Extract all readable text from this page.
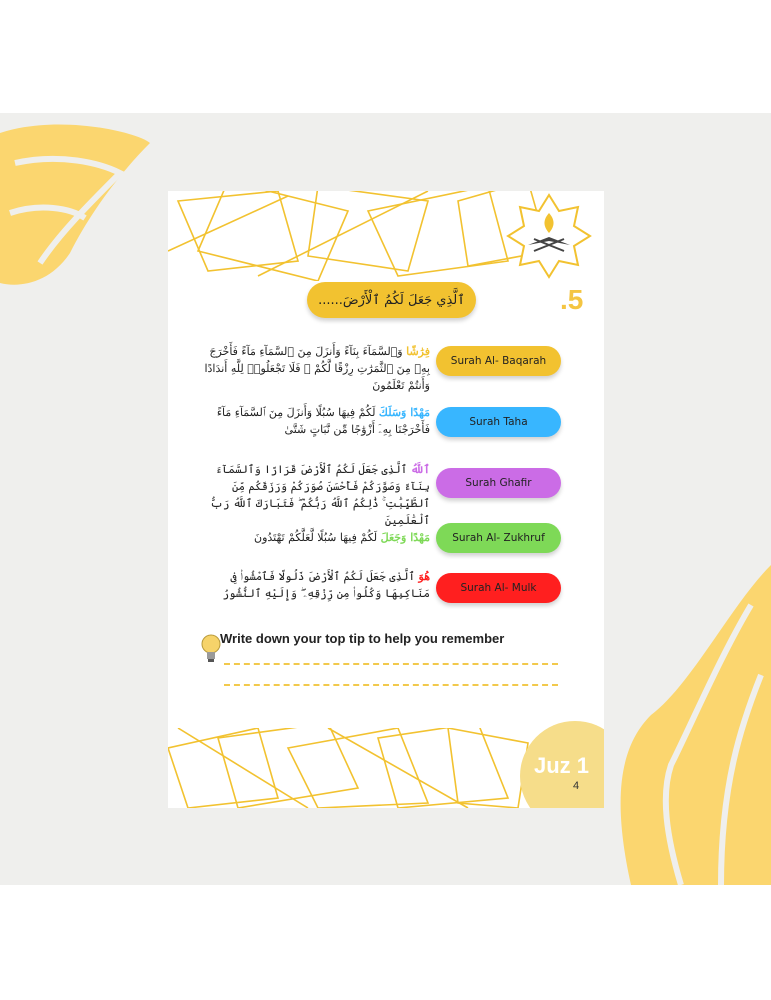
.5
ٱلَّذِي جَعَلَ لَكُمُ ٱلْأَرْضَ......
فِرَٰشًا وَٱلسَّمَآءَ بِنَآءً وَأَنزَلَ مِنَ ٱلسَّمَآءِ مَآءً فَأَخْرَجَ بِهِۦ مِنَ ٱلثَّمَرَٰتِ رِزْقًا لَّكُمْ ۖ فَلَا تَجْعَلُوا۟ لِلَّهِ أَندَادًا وَأَنتُمْ تَعْلَمُونَ
Surah Al- Baqarah
مَهْدًا وَسَلَكَ لَكُمْ فِيهَا سُبُلًا وَأَنزَلَ مِنَ ٱلسَّمَآءِ مَآءً فَأَخْرَجْنَا بِهِۦٓ أَزْوَٰجًا مِّن نَّبَاتٍ شَتَّىٰ
Surah Taha
ٱللَّهُ ٱلَّذِى جَعَلَ لَكُمُ ٱلْأَرْضَ قَرَارًا وَٱلسَّمَآءَ بِنَآءً وَصَوَّرَكُمْ فَأَحْسَنَ صُوَرَكُمْ وَرَزَقَكُم مِّنَ ٱلطَّيِّبَٰتِ ۚ ذَٰلِكُمُ ٱللَّهُ رَبُّكُمْ ۖ فَتَبَارَكَ ٱللَّهُ رَبُّ ٱلْعَٰلَمِينَ
Surah Ghafir
مَهْدًا وَجَعَلَ لَكُمْ فِيهَا سُبُلًا لَّعَلَّكُمْ تَهْتَدُونَ	Surah Al- Zukhruf
هُوَ ٱلَّذِى جَعَلَ لَكُمُ ٱلْأَرْضَ ذَلُولًا فَٱمْشُوا۟ فِى مَنَاكِبِهَا وَكُلُوا۟ مِن رِّزْقِهِۦ ۖ وَإِلَيْهِ ٱلنُّشُورُ	Surah Al- Mulk
Write down your top tip to help you remember
Juz 1
4
